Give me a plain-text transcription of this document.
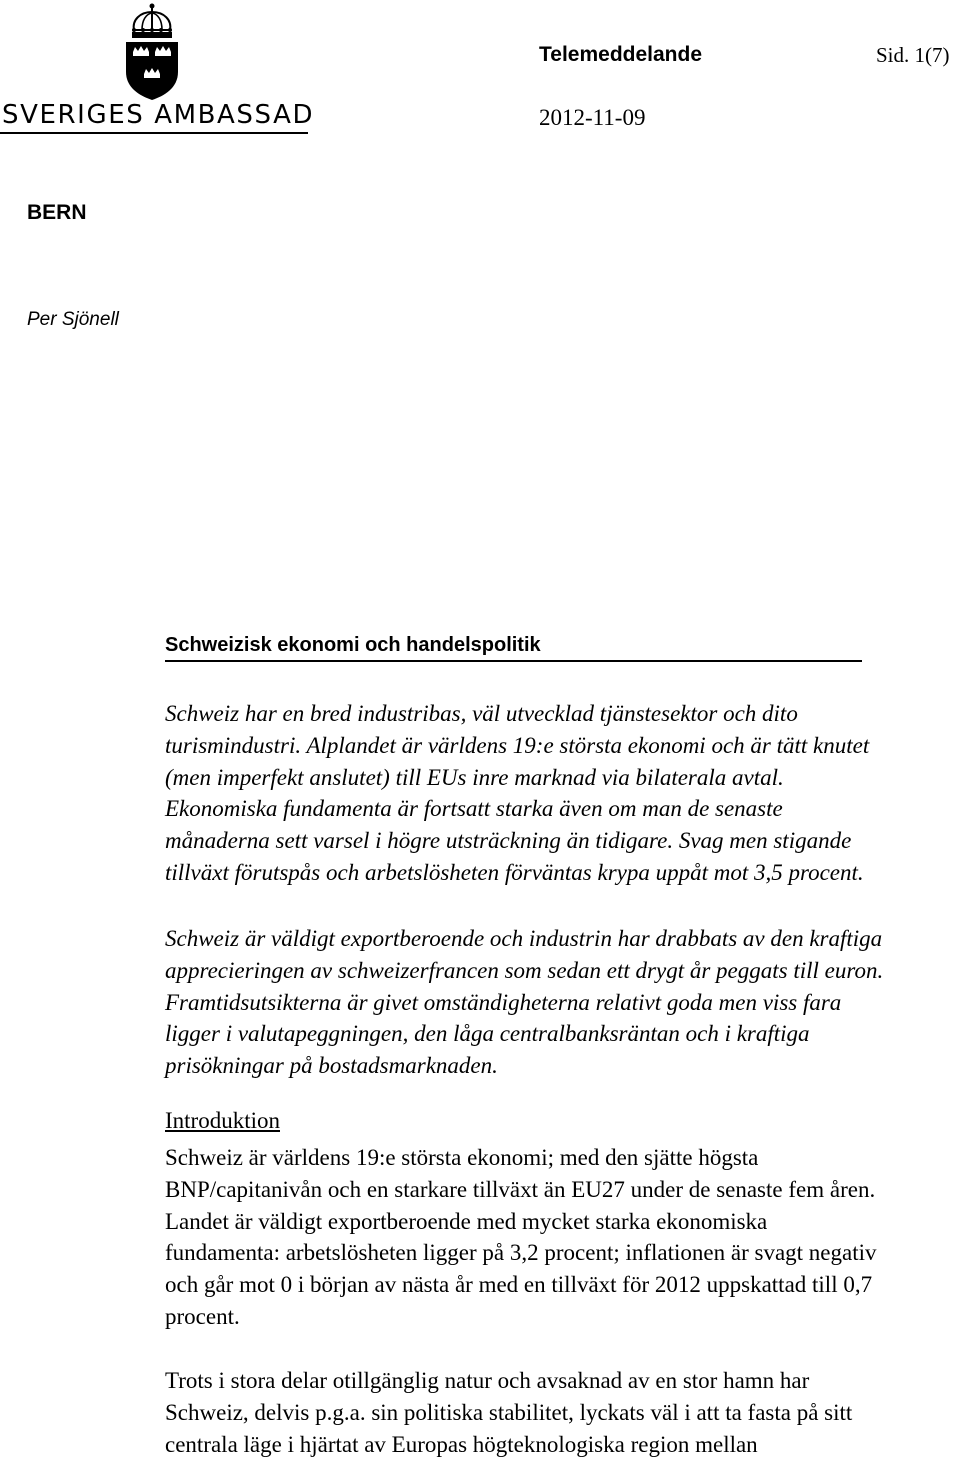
SVERIGES AMBASSAD
Telemeddelande	Sid. 1(7)
2012-11-09
BERN
Per Sjönell
Schweizisk ekonomi och handelspolitik

Schweiz har en bred industribas, väl utvecklad tjänstesektor och dito turismindustri. Alplandet är världens 19:e största ekonomi och är tätt knutet (men imperfekt anslutet) till EUs inre marknad via bilaterala avtal. Ekonomiska fundamenta är fortsatt starka även om man de senaste månaderna sett varsel i högre utsträckning än tidigare. Svag men stigande tillväxt förutspås och arbetslösheten förväntas krypa uppåt mot 3,5 procent.

Schweiz är väldigt exportberoende och industrin har drabbats av den kraftiga apprecieringen av schweizerfrancen som sedan ett drygt år peggats till euron. Framtidsutsikterna är givet omständigheterna relativt goda men viss fara ligger i valutapeggningen, den låga centralbanksräntan och i kraftiga prisökningar på bostadsmarknaden.

Introduktion

Schweiz är världens 19:e största ekonomi; med den sjätte högsta BNP/capitanivån och en starkare tillväxt än EU27 under de senaste fem åren. Landet är väldigt exportberoende med mycket starka ekonomiska fundamenta: arbetslösheten ligger på 3,2 procent; inflationen är svagt negativ och går mot 0 i början av nästa år med en tillväxt för 2012 uppskattad till 0,7 procent.

Trots i stora delar otillgänglig natur och avsaknad av en stor hamn har Schweiz, delvis p.g.a. sin politiska stabilitet, lyckats väl i att ta fasta på sitt centrala läge i hjärtat av Europas högteknologiska region mellan
